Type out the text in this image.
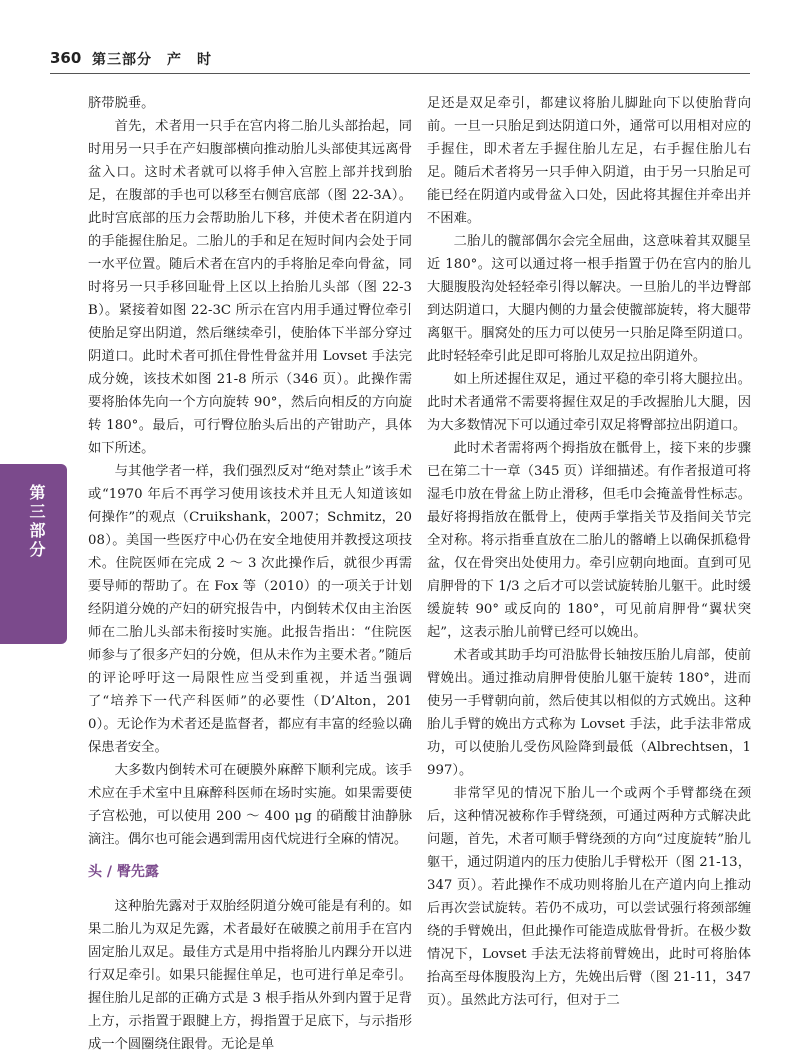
360 第三部分　产　时
第三部分

脐带脱垂。

首先，术者用一只手在宫内将二胎儿头部抬起，同时用另一只手在产妇腹部横向推动胎儿头部使其远离骨盆入口。这时术者就可以将手伸入宫腔上部并找到胎足，在腹部的手也可以移至右侧宫底部（图 22-3A）。此时宫底部的压力会帮助胎儿下移，并使术者在阴道内的手能握住胎足。二胎儿的手和足在短时间内会处于同一水平位置。随后术者在宫内的手将胎足牵向骨盆，同时将另一只手移回耻骨上区以上抬胎儿头部（图 22-3B）。紧接着如图 22-3C 所示在宫内用手通过臀位牵引使胎足穿出阴道，然后继续牵引，使胎体下半部分穿过阴道口。此时术者可抓住骨性骨盆并用 Lovset 手法完成分娩，该技术如图 21-8 所示（346 页）。此操作需要将胎体先向一个方向旋转 90°，然后向相反的方向旋转 180°。最后，可行臀位胎头后出的产钳助产，具体如下所述。

与其他学者一样，我们强烈反对“绝对禁止”该手术或“1970 年后不再学习使用该技术并且无人知道该如何操作”的观点（Cruikshank，2007；Schmitz，2008）。美国一些医疗中心仍在安全地使用并教授这项技术。住院医师在完成 2 ～ 3 次此操作后，就很少再需要导师的帮助了。在 Fox 等（2010）的一项关于计划经阴道分娩的产妇的研究报告中，内倒转术仅由主治医师在二胎儿头部未衔接时实施。此报告指出：“住院医师参与了很多产妇的分娩，但从未作为主要术者。”随后的评论呼吁这一局限性应当受到重视，并适当强调了“培养下一代产科医师”的必要性（D’Alton，2010）。无论作为术者还是监督者，都应有丰富的经验以确保患者安全。

大多数内倒转术可在硬膜外麻醉下顺利完成。该手术应在手术室中且麻醉科医师在场时实施。如果需要使子宫松弛，可以使用 200 ～ 400 μg 的硝酸甘油静脉滴注。偶尔也可能会遇到需用卤代烷进行全麻的情况。

头 / 臀先露

这种胎先露对于双胎经阴道分娩可能是有利的。如果二胎儿为双足先露，术者最好在破膜之前用手在宫内固定胎儿双足。最佳方式是用中指将胎儿内踝分开以进行双足牵引。如果只能握住单足，也可进行单足牵引。握住胎儿足部的正确方式是 3 根手指从外到内置于足背上方，示指置于跟腱上方，拇指置于足底下，与示指形成一个圆圈绕住跟骨。无论是单

足还是双足牵引，都建议将胎儿脚趾向下以使胎背向前。一旦一只胎足到达阴道口外，通常可以用相对应的手握住，即术者左手握住胎儿左足，右手握住胎儿右足。随后术者将另一只手伸入阴道，由于另一只胎足可能已经在阴道内或骨盆入口处，因此将其握住并牵出并不困难。

二胎儿的髋部偶尔会完全屈曲，这意味着其双腿呈近 180°。这可以通过将一根手指置于仍在宫内的胎儿大腿腹股沟处轻轻牵引得以解决。一旦胎儿的半边臀部到达阴道口，大腿内侧的力量会使髋部旋转，将大腿带离躯干。腘窝处的压力可以使另一只胎足降至阴道口。此时轻轻牵引此足即可将胎儿双足拉出阴道外。

如上所述握住双足，通过平稳的牵引将大腿拉出。此时术者通常不需要将握住双足的手改握胎儿大腿，因为大多数情况下可以通过牵引双足将臀部拉出阴道口。

此时术者需将两个拇指放在骶骨上，接下来的步骤已在第二十一章（345 页）详细描述。有作者报道可将湿毛巾放在骨盆上防止滑移，但毛巾会掩盖骨性标志。最好将拇指放在骶骨上，使两手掌指关节及指间关节完全对称。将示指垂直放在二胎儿的髂嵴上以确保抓稳骨盆，仅在骨突出处使用力。牵引应朝向地面。直到可见肩胛骨的下 1/3 之后才可以尝试旋转胎儿躯干。此时缓缓旋转 90° 或反向的 180°，可见前肩胛骨“翼状突起”，这表示胎儿前臂已经可以娩出。

术者或其助手均可沿肱骨长轴按压胎儿肩部，使前臂娩出。通过推动肩胛骨使胎儿躯干旋转 180°，进而使另一手臂朝向前，然后使其以相似的方式娩出。这种胎儿手臂的娩出方式称为 Lovset 手法，此手法非常成功，可以使胎儿受伤风险降到最低（Albrechtsen，1997）。

非常罕见的情况下胎儿一个或两个手臂都绕在颈后，这种情况被称作手臂绕颈，可通过两种方式解决此问题，首先，术者可顺手臂绕颈的方向“过度旋转”胎儿躯干，通过阴道内的压力使胎儿手臂松开（图 21-13，347 页）。若此操作不成功则将胎儿在产道内向上推动后再次尝试旋转。若仍不成功，可以尝试强行将颈部缠绕的手臂娩出，但此操作可能造成肱骨骨折。在极少数情况下，Lovset 手法无法将前臂娩出，此时可将胎体抬高至母体腹股沟上方，先娩出后臂（图 21-11，347 页）。虽然此方法可行，但对于二
